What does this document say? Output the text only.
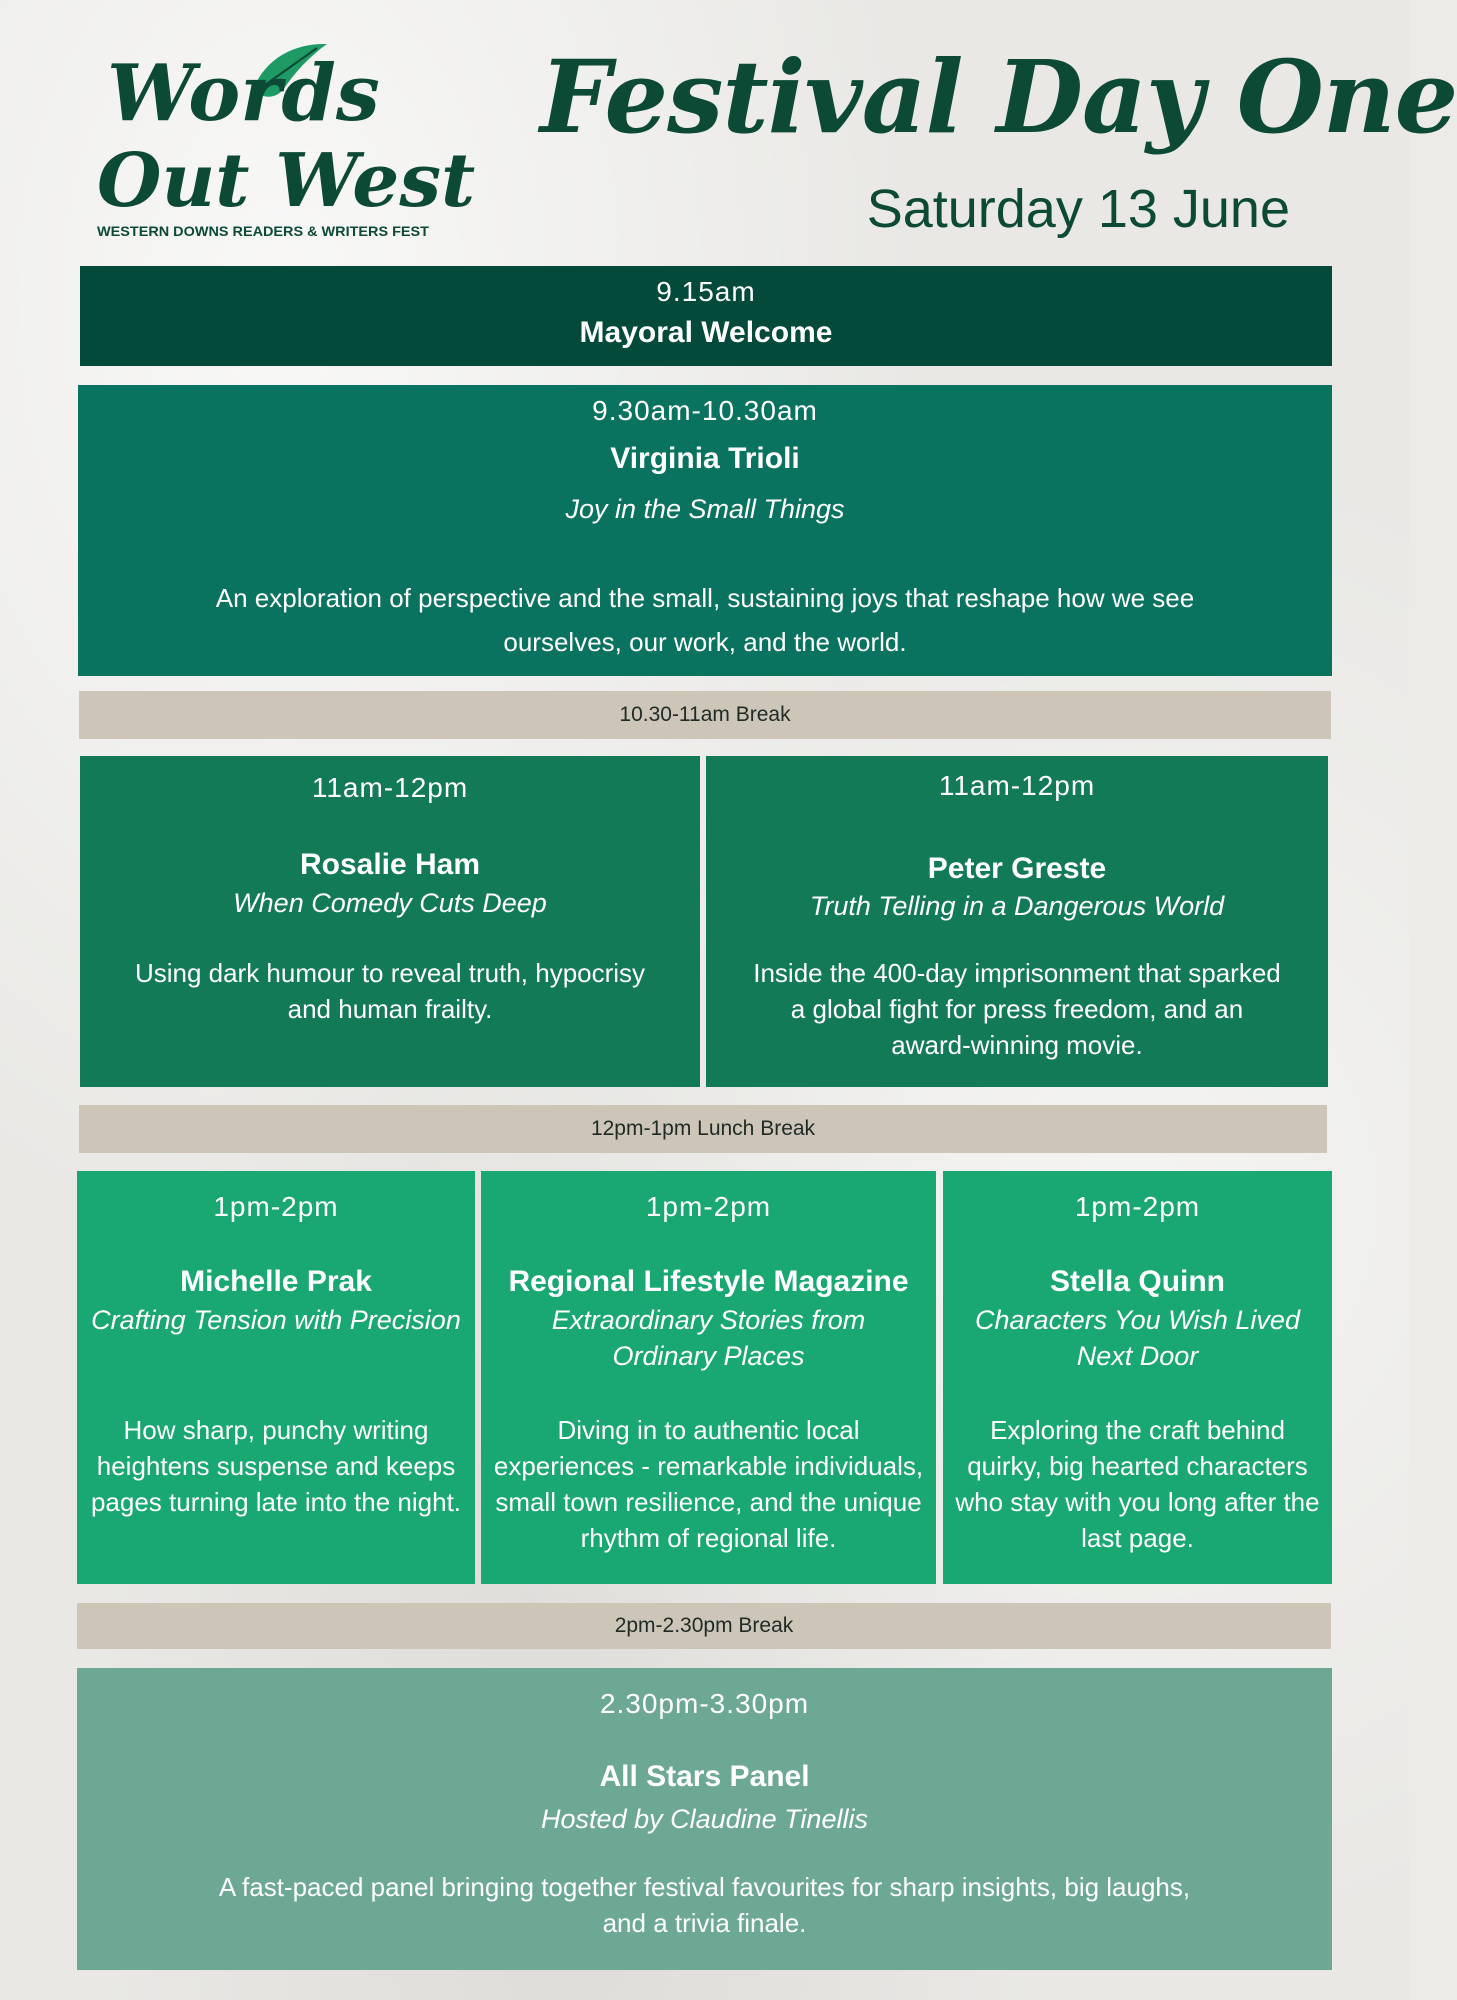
Words
Out West
WESTERN DOWNS READERS & WRITERS FEST
Festival Day One
Saturday 13 June
9.15am
Mayoral Welcome
9.30am-10.30am
Virginia Trioli
Joy in the Small Things
An exploration of perspective and the small, sustaining joys that reshape how we see
ourselves, our work, and the world.
10.30-11am Break
11am-12pm
Rosalie Ham
When Comedy Cuts Deep
Using dark humour to reveal truth, hypocrisy
and human frailty.
11am-12pm
Peter Greste
Truth Telling in a Dangerous World
Inside the 400-day imprisonment that sparked
a global fight for press freedom, and an
award-winning movie.
12pm-1pm Lunch Break
1pm-2pm
Michelle Prak
Crafting Tension with Precision
How sharp, punchy writing
heightens suspense and keeps
pages turning late into the night.
1pm-2pm
Regional Lifestyle Magazine
Extraordinary Stories from
Ordinary Places
Diving in to authentic local
experiences - remarkable individuals,
small town resilience, and the unique
rhythm of regional life.
1pm-2pm
Stella Quinn
Characters You Wish Lived
Next Door
Exploring the craft behind
quirky, big hearted characters
who stay with you long after the
last page.
2pm-2.30pm Break
2.30pm-3.30pm
All Stars Panel
Hosted by Claudine Tinellis
A fast-paced panel bringing together festival favourites for sharp insights, big laughs,
and a trivia finale.
